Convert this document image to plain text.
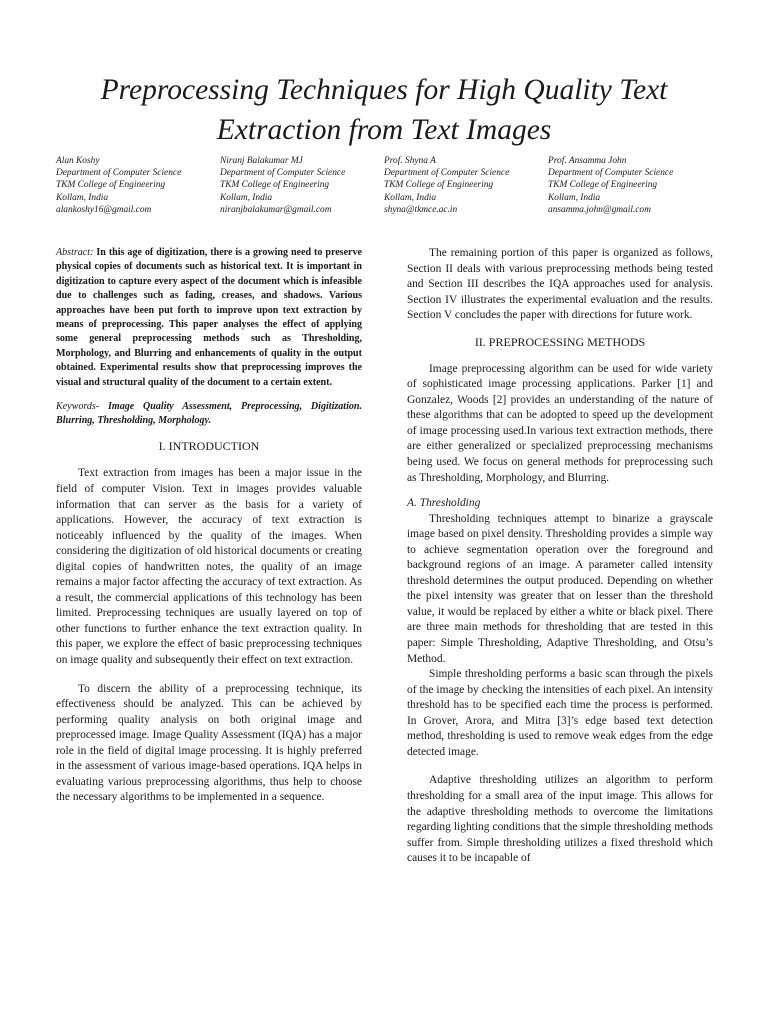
Preprocessing Techniques for High Quality Text
Extraction from Text Images
Alan Koshy
Department of Computer Science
TKM College of Engineering
Kollam, India
alankoshy16@gmail.com
Niranj Balakumar MJ
Department of Computer Science
TKM College of Engineering
Kollam, India
niranjbalakumar@gmail.com
Prof. Shyna A
Department of Computer Science
TKM College of Engineering
Kollam, India
shyna@tkmce.ac.in
Prof. Ansamma John
Department of Computer Science
TKM College of Engineering
Kollam, India
ansamma.john@gmail.com

Abstract: In this age of digitization, there is a growing need to preserve physical copies of documents such as historical text. It is important in digitization to capture every aspect of the document which is infeasible due to challenges such as fading, creases, and shadows. Various approaches have been put forth to improve upon text extraction by means of preprocessing. This paper analyses the effect of applying some general preprocessing methods such as Thresholding, Morphology, and Blurring and enhancements of quality in the output obtained. Experimental results show that preprocessing improves the visual and structural quality of the document to a certain extent.

Keywords- Image Quality Assessment, Preprocessing, Digitization. Blurring, Thresholding, Morphology.

I. INTRODUCTION

Text extraction from images has been a major issue in the field of computer Vision. Text in images provides valuable information that can server as the basis for a variety of applications. However, the accuracy of text extraction is noticeably influenced by the quality of the images. When considering the digitization of old historical documents or creating digital copies of handwritten notes, the quality of an image remains a major factor affecting the accuracy of text extraction. As a result, the commercial applications of this technology has been limited. Preprocessing techniques are usually layered on top of other functions to further enhance the text extraction quality. In this paper, we explore the effect of basic preprocessing techniques on image quality and subsequently their effect on text extraction.

To discern the ability of a preprocessing technique, its effectiveness should be analyzed. This can be achieved by performing quality analysis on both original image and preprocessed image. Image Quality Assessment (IQA) has a major role in the field of digital image processing. It is highly preferred in the assessment of various image-based operations. IQA helps in evaluating various preprocessing algorithms, thus help to choose the necessary algorithms to be implemented in a sequence.

The remaining portion of this paper is organized as follows, Section II deals with various preprocessing methods being tested and Section III describes the IQA approaches used for analysis. Section IV illustrates the experimental evaluation and the results. Section V concludes the paper with directions for future work.

II. PREPROCESSING METHODS

Image preprocessing algorithm can be used for wide variety of sophisticated image processing applications. Parker [1] and Gonzalez, Woods [2] provides an understanding of the nature of these algorithms that can be adopted to speed up the development of image processing used.In various text extraction methods, there are either generalized or specialized preprocessing mechanisms being used. We focus on general methods for preprocessing such as Thresholding, Morphology, and Blurring.

A. Thresholding

Thresholding techniques attempt to binarize a grayscale image based on pixel density. Thresholding provides a simple way to achieve segmentation operation over the foreground and background regions of an image. A parameter called intensity threshold determines the output produced. Depending on whether the pixel intensity was greater that on lesser than the threshold value, it would be replaced by either a white or black pixel. There are three main methods for thresholding that are tested in this paper: Simple Thresholding, Adaptive Thresholding, and Otsu’s Method.

Simple thresholding performs a basic scan through the pixels of the image by checking the intensities of each pixel. An intensity threshold has to be specified each time the process is performed. In Grover, Arora, and Mitra [3]’s edge based text detection method, thresholding is used to remove weak edges from the edge detected image.

Adaptive thresholding utilizes an algorithm to perform thresholding for a small area of the input image. This allows for the adaptive thresholding methods to overcome the limitations regarding lighting conditions that the simple thresholding methods suffer from. Simple thresholding utilizes a fixed threshold which causes it to be incapable of
